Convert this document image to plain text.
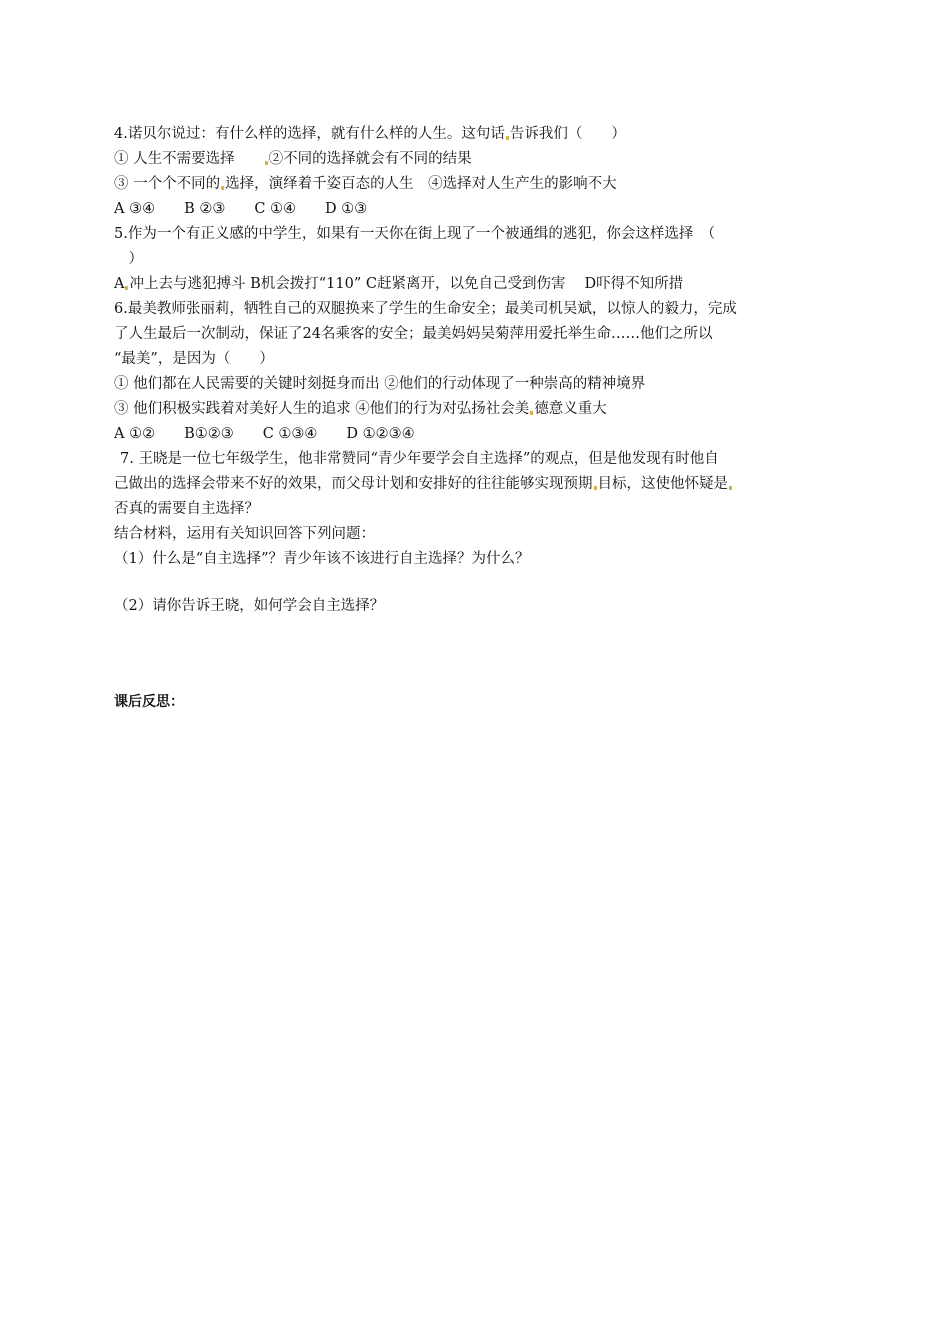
4.诺贝尔说过：有什么样的选择，就有什么样的人生。这句话 告诉我们（　　）
① 人生不需要选择　　②不同的选择就会有不同的结果
③ 一个个不同的 选择，演绎着千姿百态的人生　④选择对人生产生的影响不大
A ③④　　B ②③　　C ①④　　D ①③
5.作为一个有正义感的中学生，如果有一天你在街上现了一个被通缉的逃犯，你会这样选择　（
　）
A 冲上去与逃犯搏斗 B机会拨打“110” C赶紧离开，以免自己受到伤害　 D吓得不知所措
6.最美教师张丽莉，牺牲自己的双腿换来了学生的生命安全；最美司机吴斌，以惊人的毅力，完成
了人生最后一次制动，保证了24名乘客的安全；最美妈妈吴菊萍用爱托举生命……他们之所以
“最美”，是因为（　　）
① 他们都在人民需要的关键时刻挺身而出 ②他们的行动体现了一种崇高的精神境界
③ 他们积极实践着对美好人生的追求 ④他们的行为对弘扬社会美 德意义重大
A ①②　　B①②③　　C ①③④　　D ①②③④
7. 王晓是一位七年级学生，他非常赞同“青少年要学会自主选择”的观点，但是他发现有时他自
己做出的选择会带来不好的效果，而父母计划和安排好的往往能够实现预期 目标，这使他怀疑是
否真的需要自主选择？
结合材料，运用有关知识回答下列问题：
（1）什么是“自主选择”？青少年该不该进行自主选择？为什么？
（2）请你告诉王晓，如何学会自主选择？
课后反思：
